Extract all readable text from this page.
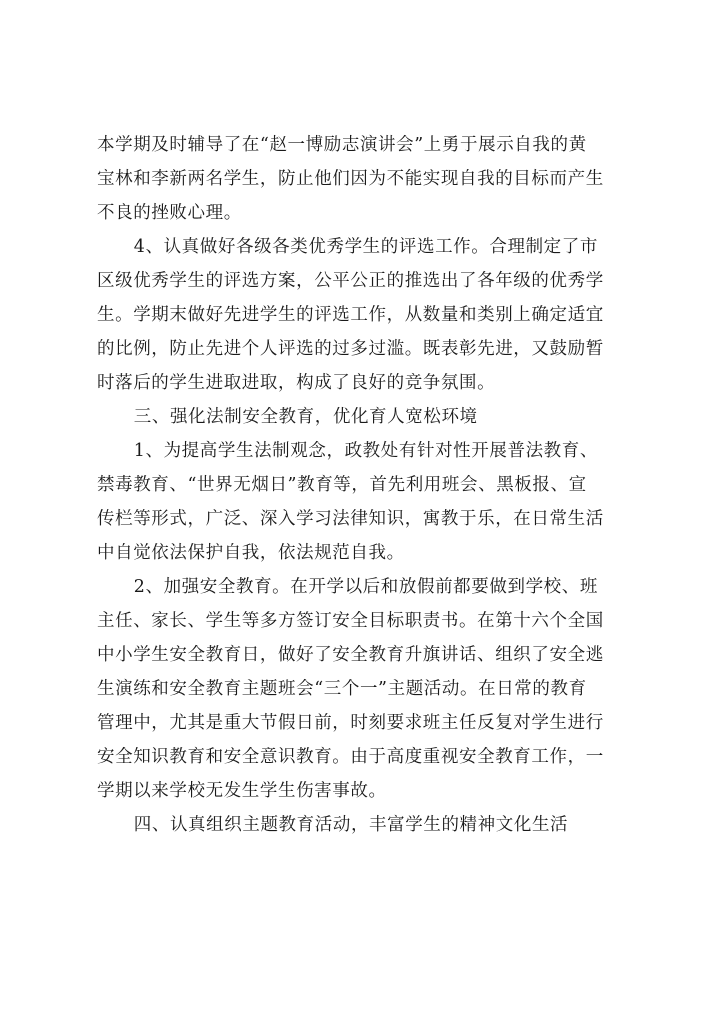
本学期及时辅导了在“赵一博励志演讲会”上勇于展示自我的黄
宝林和李新两名学生，防止他们因为不能实现自我的目标而产生
不良的挫败心理。

4、认真做好各级各类优秀学生的评选工作。合理制定了市
区级优秀学生的评选方案，公平公正的推选出了各年级的优秀学
生。学期末做好先进学生的评选工作，从数量和类别上确定适宜
的比例，防止先进个人评选的过多过滥。既表彰先进，又鼓励暂
时落后的学生进取进取，构成了良好的竞争氛围。

三、强化法制安全教育，优化育人宽松环境

1、为提高学生法制观念，政教处有针对性开展普法教育、
禁毒教育、“世界无烟日”教育等，首先利用班会、黑板报、宣
传栏等形式，广泛、深入学习法律知识，寓教于乐，在日常生活
中自觉依法保护自我，依法规范自我。

2、加强安全教育。在开学以后和放假前都要做到学校、班
主任、家长、学生等多方签订安全目标职责书。在第十六个全国
中小学生安全教育日，做好了安全教育升旗讲话、组织了安全逃
生演练和安全教育主题班会“三个一”主题活动。在日常的教育
管理中，尤其是重大节假日前，时刻要求班主任反复对学生进行
安全知识教育和安全意识教育。由于高度重视安全教育工作，一
学期以来学校无发生学生伤害事故。

四、认真组织主题教育活动，丰富学生的精神文化生活
